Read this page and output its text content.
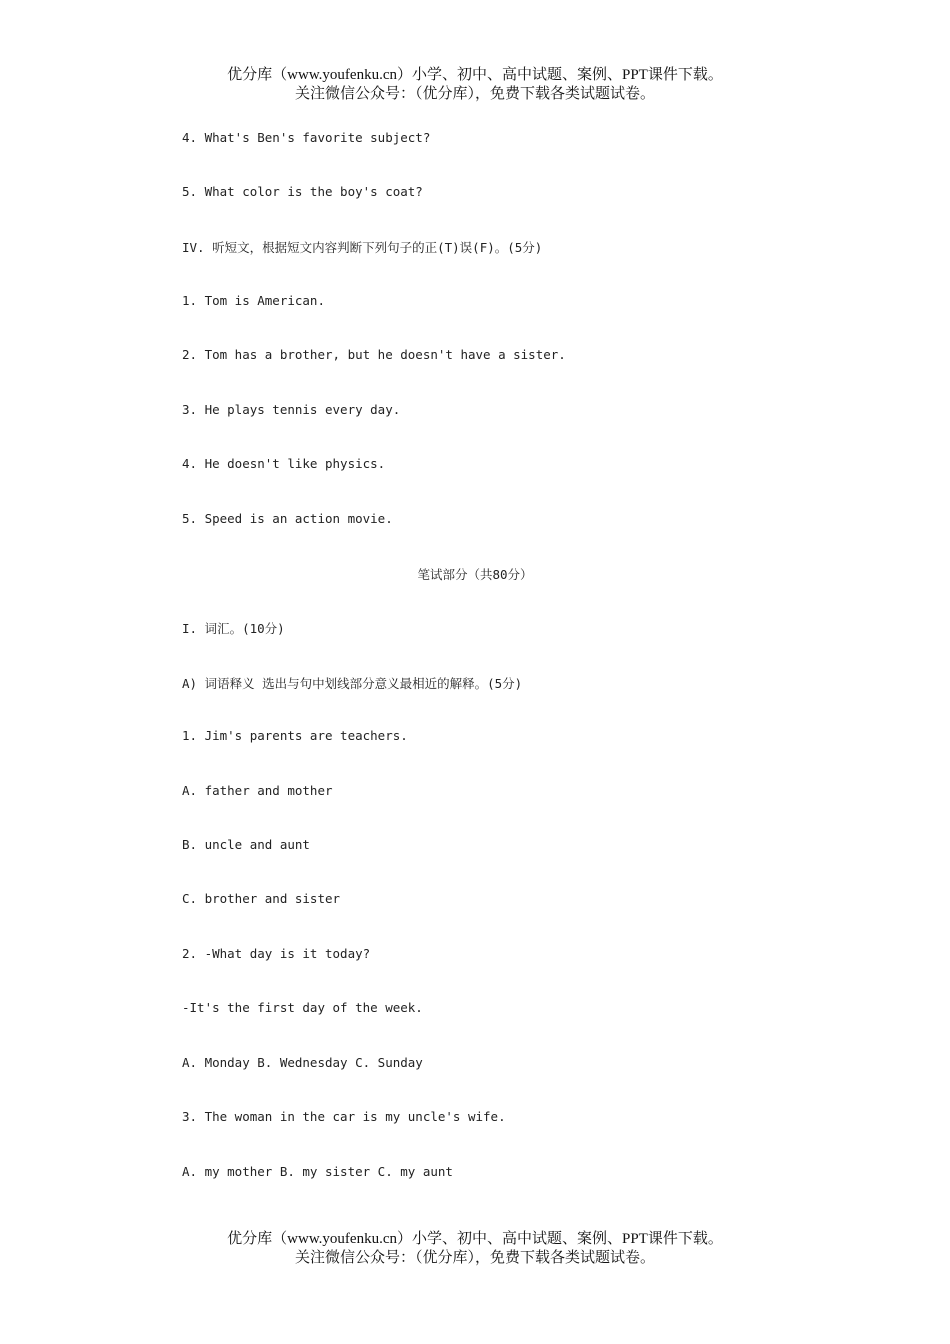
优分库（www.youfenku.cn）小学、初中、高中试题、案例、PPT课件下载。
关注微信公众号：（优分库），免费下载各类试题试卷。
4. What's Ben's favorite subject?
5. What color is the boy's coat?
IV. 听短文，根据短文内容判断下列句子的正(T)误(F)。(5分)
1. Tom is American.
2. Tom has a brother, but he doesn't have a sister.
3. He plays tennis every day.
4. He doesn't like physics.
5. Speed is an action movie.
笔试部分（共80分）
I. 词汇。(10分)
A) 词语释义 选出与句中划线部分意义最相近的解释。(5分)
1. Jim's parents are teachers.
A. father and mother
B. uncle and aunt
C. brother and sister
2. -What day is it today?
-It's the first day of the week.
A. Monday B. Wednesday C. Sunday
3. The woman in the car is my uncle's wife.
A. my mother B. my sister C. my aunt
优分库（www.youfenku.cn）小学、初中、高中试题、案例、PPT课件下载。
关注微信公众号：（优分库），免费下载各类试题试卷。
